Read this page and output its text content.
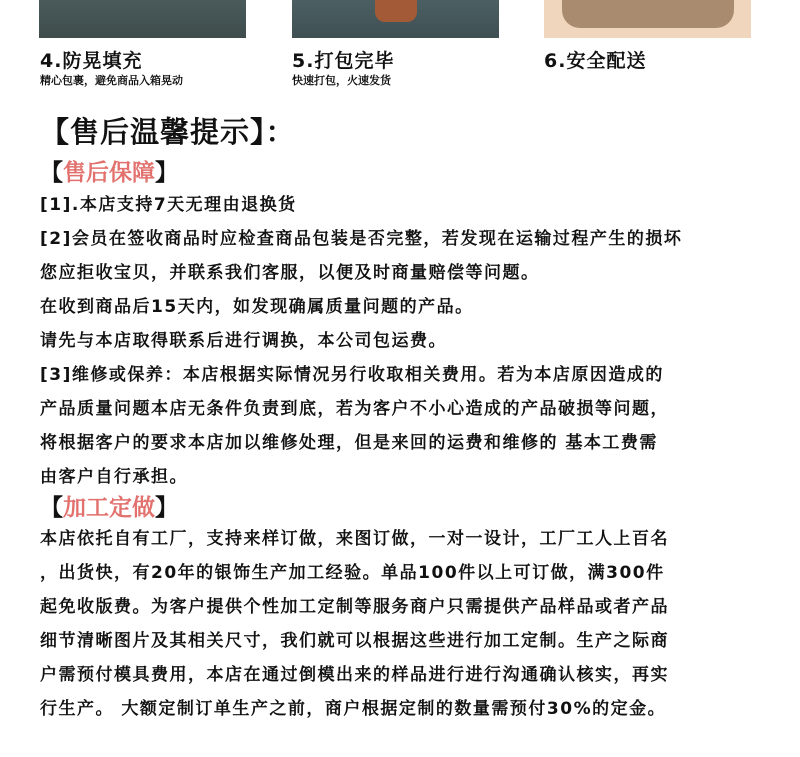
4.防晃填充
精心包裹，避免商品入箱晃动
5.打包完毕
快速打包，火速发货
6.安全配送
【售后温馨提示】：
【售后保障】
[1].本店支持7天无理由退换货
[2]会员在签收商品时应检查商品包装是否完整，若发现在运输过程产生的损坏
您应拒收宝贝，并联系我们客服，以便及时商量赔偿等问题。
在收到商品后15天内，如发现确属质量问题的产品。
请先与本店取得联系后进行调换，本公司包运费。
[3]维修或保养：本店根据实际情况另行收取相关费用。若为本店原因造成的
产品质量问题本店无条件负责到底，若为客户不小心造成的产品破损等问题，
将根据客户的要求本店加以维修处理，但是来回的运费和维修的 基本工费需
由客户自行承担。
【加工定做】
本店依托自有工厂，支持来样订做，来图订做，一对一设计，工厂工人上百名
，出货快，有20年的银饰生产加工经验。单品100件以上可订做，满300件
起免收版费。为客户提供个性加工定制等服务商户只需提供产品样品或者产品
细节清晰图片及其相关尺寸，我们就可以根据这些进行加工定制。生产之际商
户需预付模具费用，本店在通过倒模出来的样品进行进行沟通确认核实，再实
行生产。 大额定制订单生产之前，商户根据定制的数量需预付30%的定金。
